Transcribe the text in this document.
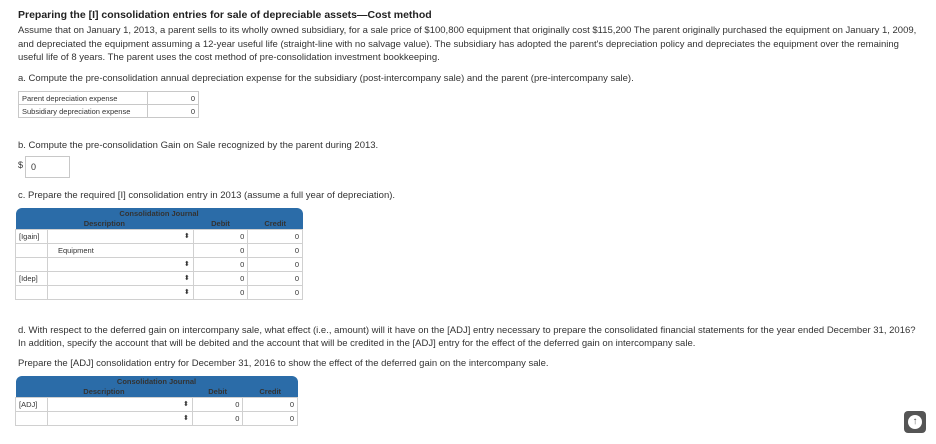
Preparing the [I] consolidation entries for sale of depreciable assets—Cost method
Assume that on January 1, 2013, a parent sells to its wholly owned subsidiary, for a sale price of $100,800 equipment that originally cost $115,200 The parent originally purchased the equipment on January 1, 2009, and depreciated the equipment assuming a 12-year useful life (straight-line with no salvage value). The subsidiary has adopted the parent's depreciation policy and depreciates the equipment over the remaining useful life of 8 years. The parent uses the cost method of pre-consolidation investment bookkeeping.
a. Compute the pre-consolidation annual depreciation expense for the subsidiary (post-intercompany sale) and the parent (pre-intercompany sale).
Parent depreciation expense	0
Subsidiary depreciation expense	0
b. Compute the pre-consolidation Gain on Sale recognized by the parent during 2013.
$ 0
c. Prepare the required [I] consolidation entry in 2013 (assume a full year of depreciation).
Consolidation Journal			
Description		Debit	Credit
[Igain]	⬍	0	0
	Equipment	0	0

	⬍	0	0
[Idep]	⬍	0	0

	⬍	0	0
d. With respect to the deferred gain on intercompany sale, what effect (i.e., amount) will it have on the [ADJ] entry necessary to prepare the consolidated financial statements for the year ended December 31, 2016? In addition, specify the account that will be debited and the account that will be credited in the [ADJ] entry for the effect of the deferred gain on intercompany sale.
Prepare the [ADJ] consolidation entry for December 31, 2016 to show the effect of the deferred gain on the intercompany sale.
Consolidation Journal			
Description		Debit	Credit
[ADJ]	⬍	0	0

	⬍	0	0	↑
